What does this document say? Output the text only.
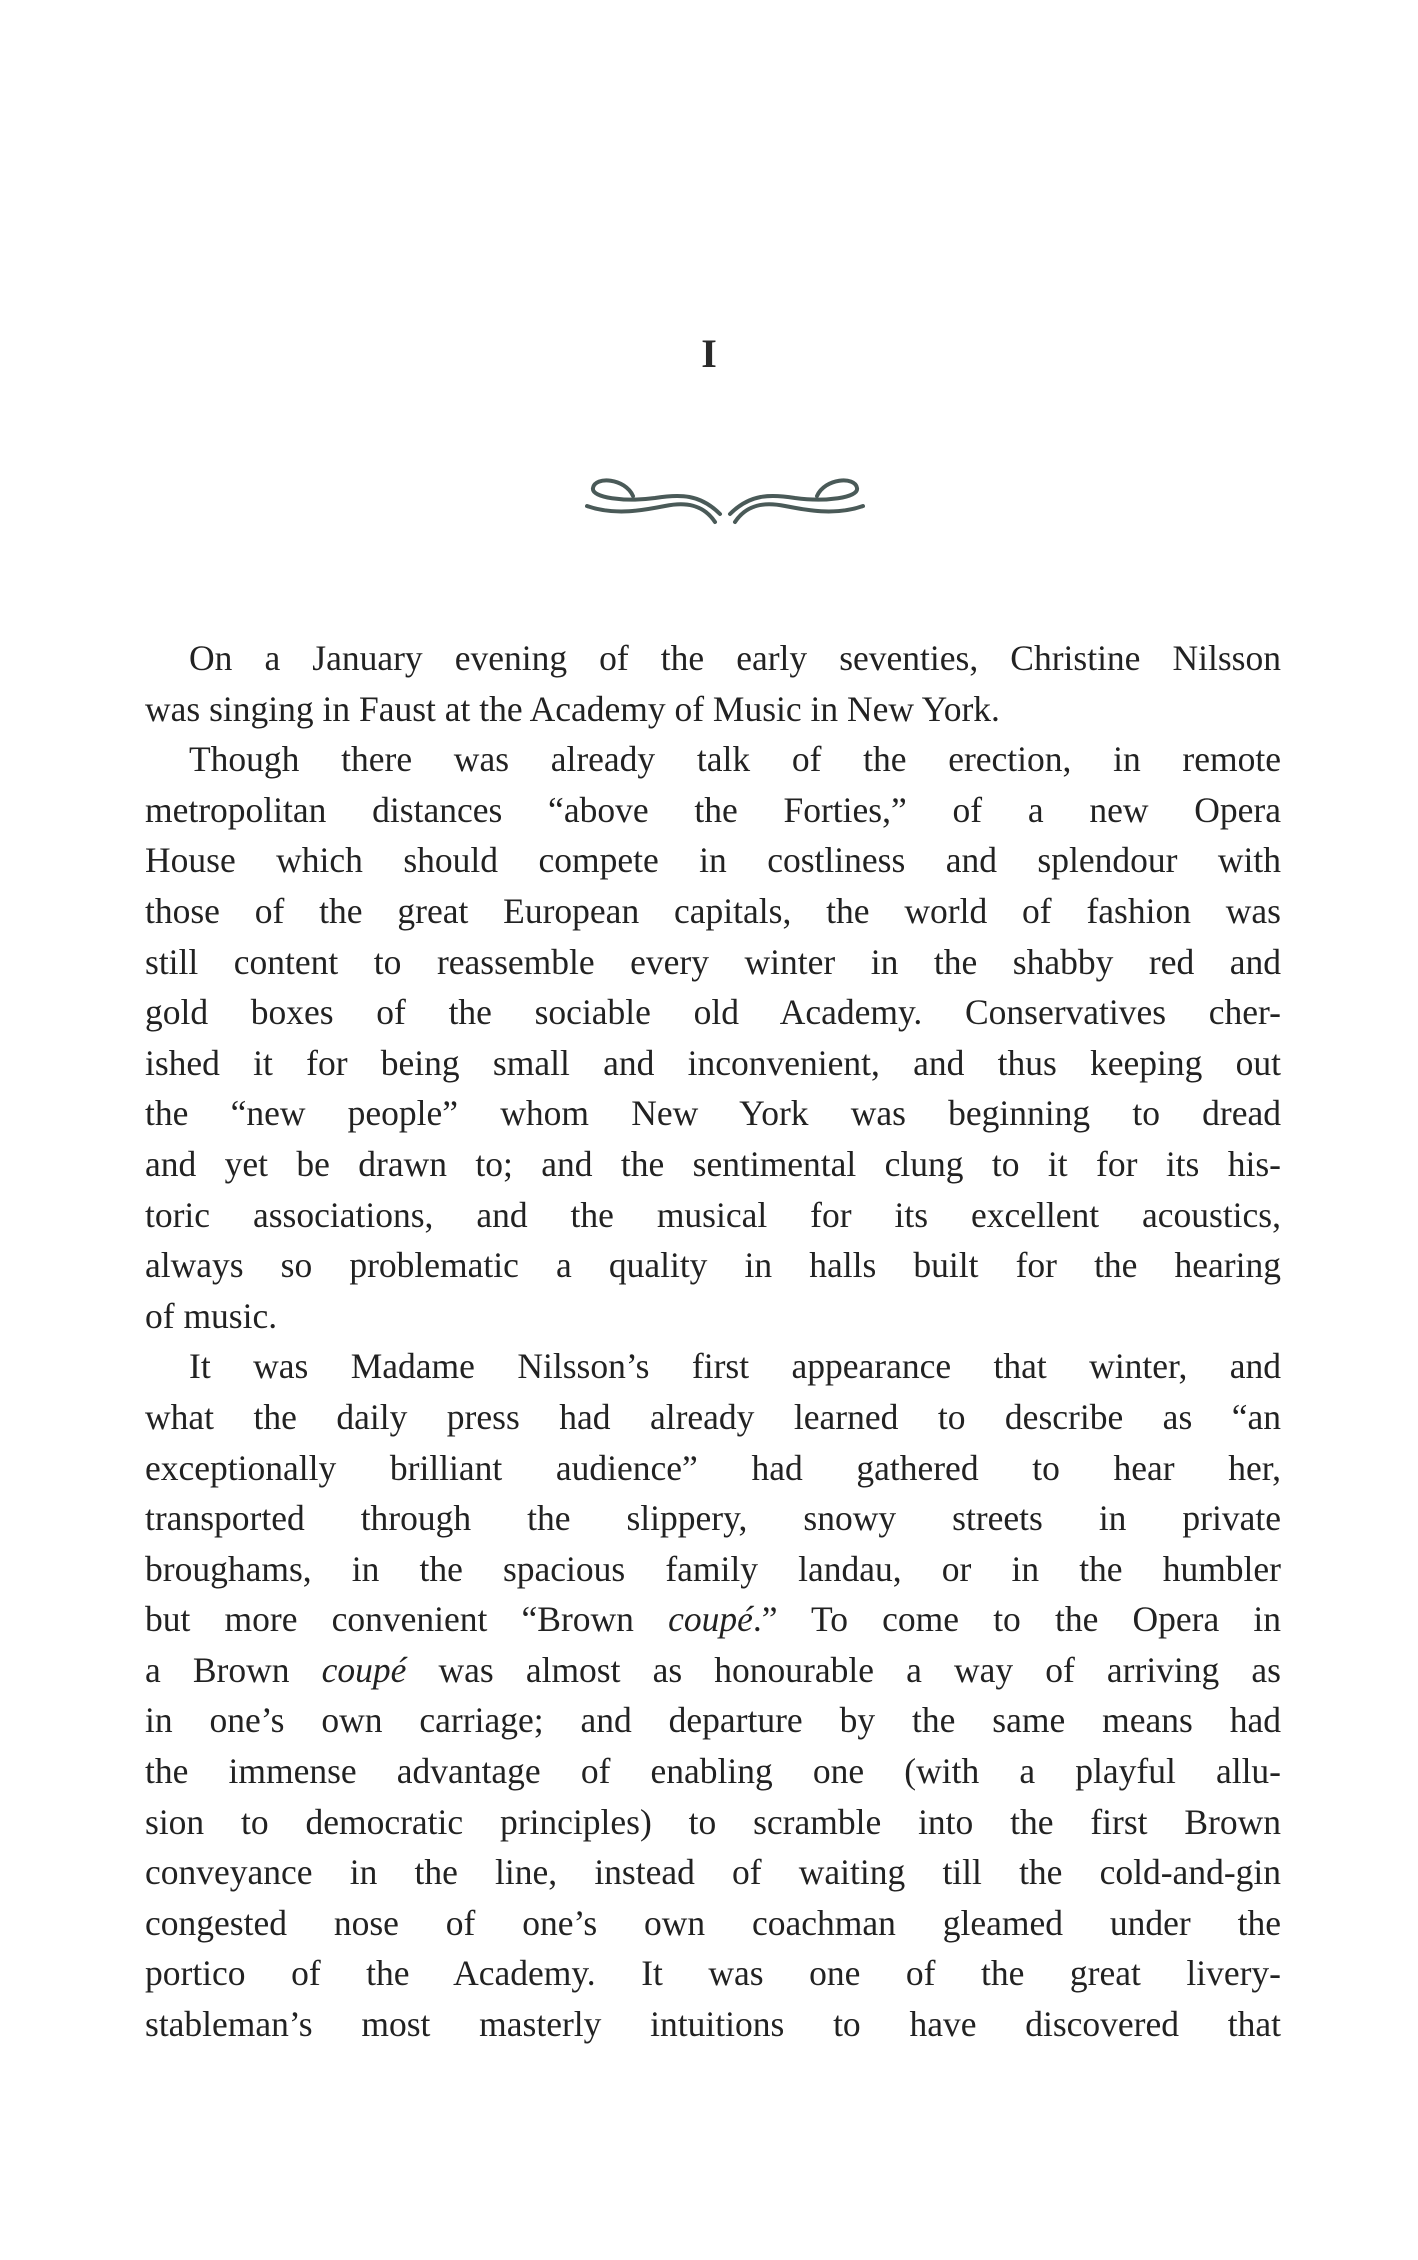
I
On a January evening of the early seventies, Christine Nilsson
was singing in Faust at the Academy of Music in New York.
Though there was already talk of the erection, in remote
metropolitan distances “above the Forties,” of a new Opera
House which should compete in costliness and splendour with
those of the great European capitals, the world of fashion was
still content to reassemble every winter in the shabby red and
gold boxes of the sociable old Academy. Conservatives cher-
ished it for being small and inconvenient, and thus keeping out
the “new people” whom New York was beginning to dread
and yet be drawn to; and the sentimental clung to it for its his-
toric associations, and the musical for its excellent acoustics,
always so problematic a quality in halls built for the hearing
of music.
It was Madame Nilsson’s first appearance that winter, and
what the daily press had already learned to describe as “an
exceptionally brilliant audience” had gathered to hear her,
transported through the slippery, snowy streets in private
broughams, in the spacious family landau, or in the humbler
but more convenient “Brown coupé.” To come to the Opera in
a Brown coupé was almost as honourable a way of arriving as
in one’s own carriage; and departure by the same means had
the immense advantage of enabling one (with a playful allu-
sion to democratic principles) to scramble into the first Brown
conveyance in the line, instead of waiting till the cold-and-gin
congested nose of one’s own coachman gleamed under the
portico of the Academy. It was one of the great livery-
stableman’s most masterly intuitions to have discovered that
